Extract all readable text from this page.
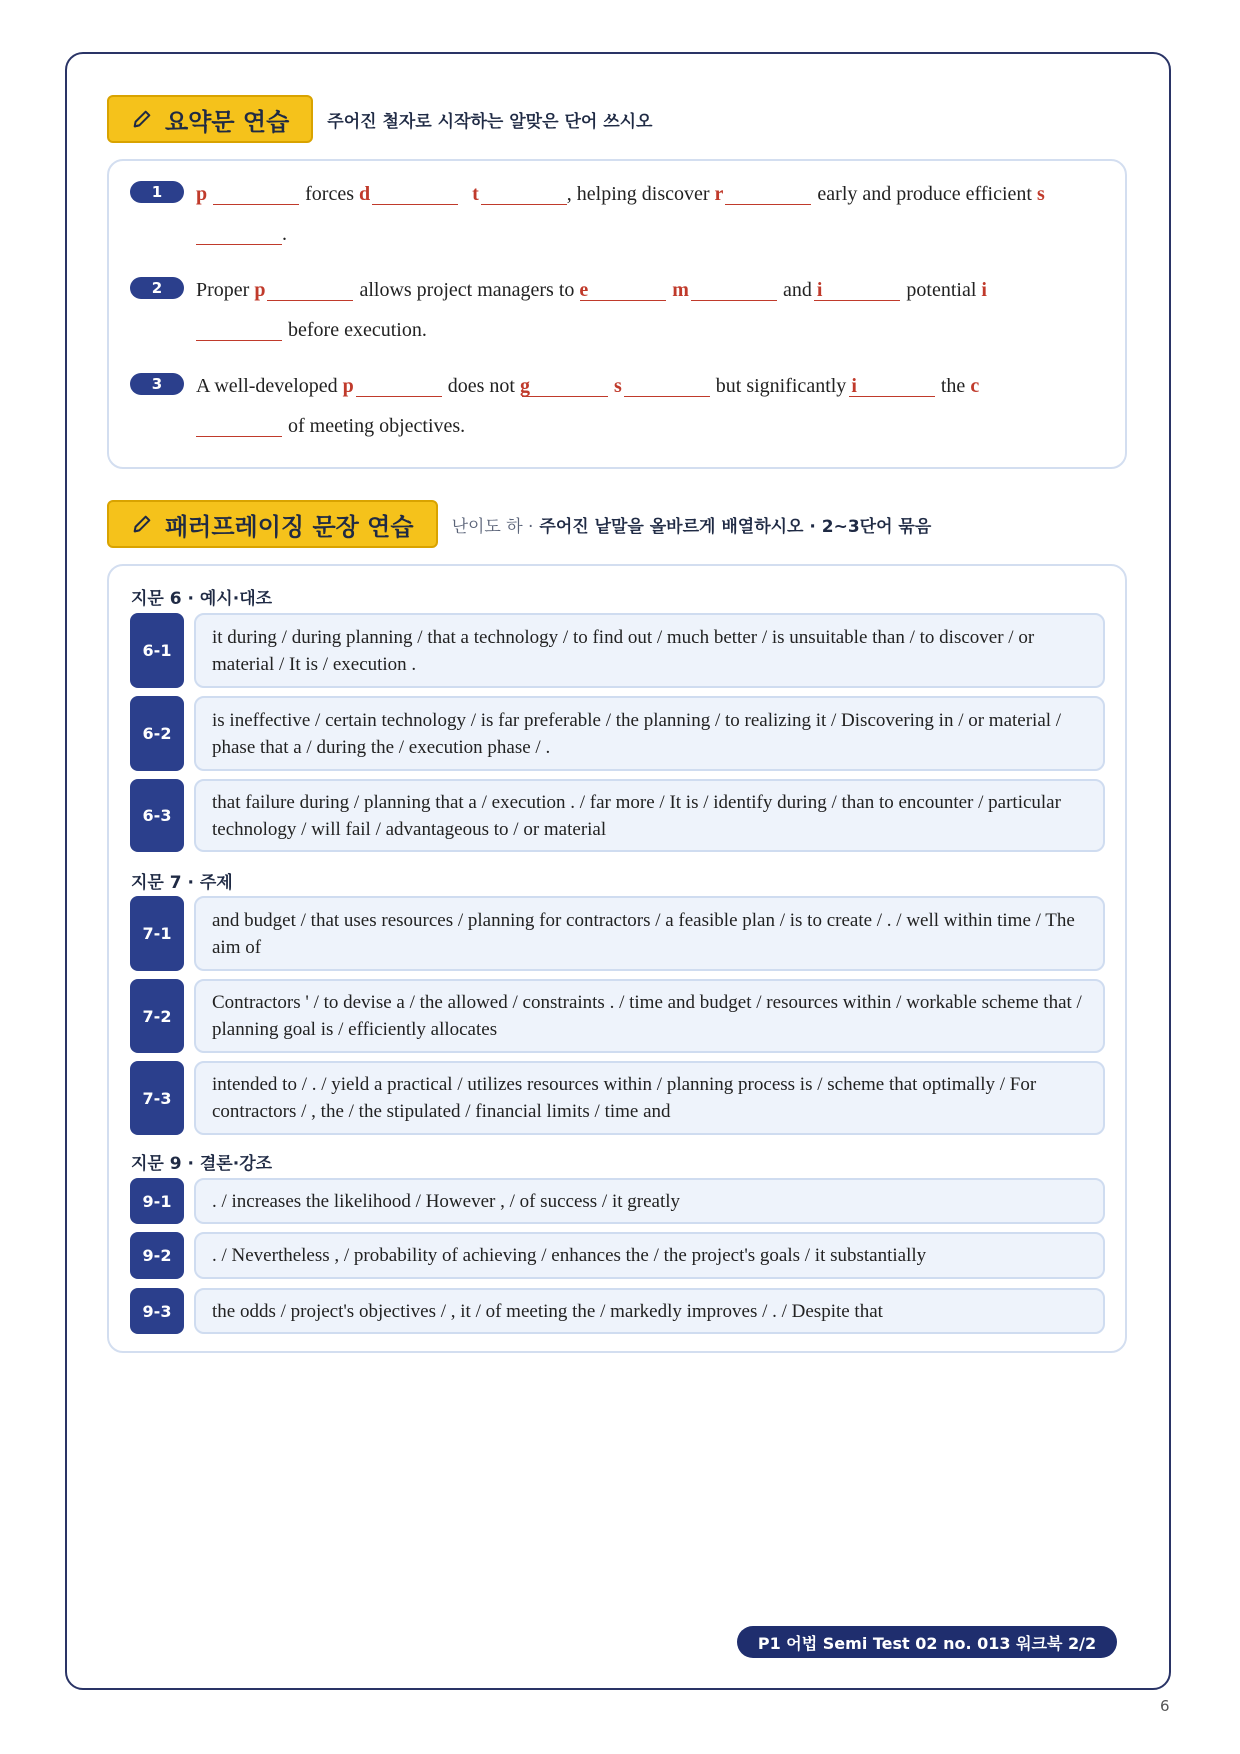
요약문 연습 주어진 철자로 시작하는 알맞은 단어 쓰시오
1	p	forces d	t	, helping discover r	early and produce efficient s
.
2	Proper p	allows project managers to e	m	and i	potential i
before execution.
3	A well-developed p	does not g	s	but significantly i	the c
of meeting objectives.
패러프레이징 문장 연습 난이도 하 · 주어진 낱말을 올바르게 배열하시오 · 2~3단어 묶음
지문 6 · 예시·대조
6-1
it during / during planning / that a technology / to find out / much better / is unsuitable than / to discover / or material / It is / execution .
6-2
is ineffective / certain technology / is far preferable / the planning / to realizing it / Discovering in / or material / phase that a / during the / execution phase / .
6-3
that failure during / planning that a / execution . / far more / It is / identify during / than to encounter / particular technology / will fail / advantageous to / or material
지문 7 · 주제
7-1
and budget / that uses resources / planning for contractors / a feasible plan / is to create / . / well within time / The aim of
7-2
Contractors ' / to devise a / the allowed / constraints . / time and budget / resources within / workable scheme that / planning goal is / efficiently allocates
7-3
intended to / . / yield a practical / utilizes resources within / planning process is / scheme that optimally / For contractors / , the / the stipulated / financial limits / time and
지문 9 · 결론·강조
9-1	. / increases the likelihood / However , / of success / it greatly
9-2	. / Nevertheless , / probability of achieving / enhances the / the project's goals / it substantially
9-3	the odds / project's objectives / , it / of meeting the / markedly improves / . / Despite that
P1 어법 Semi Test 02 no. 013 워크북 2/2
6
